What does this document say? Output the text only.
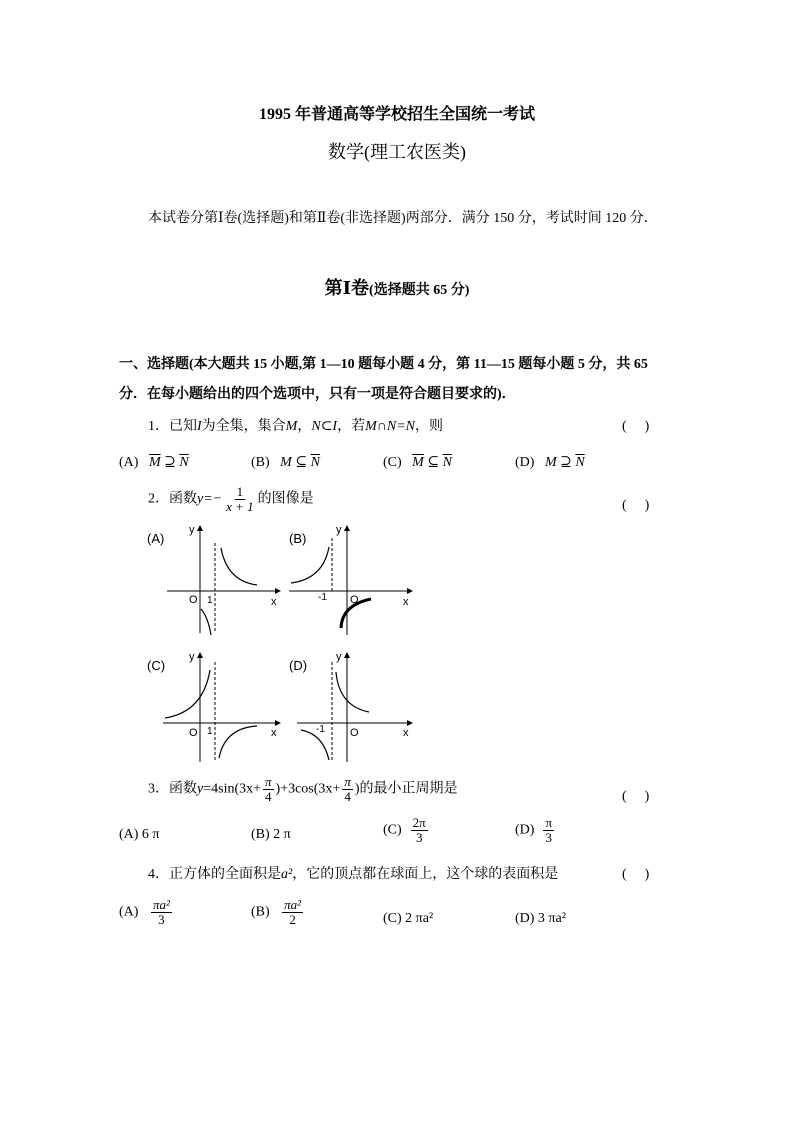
1995 年普通高等学校招生全国统一考试
数学(理工农医类)
本试卷分第Ⅰ卷(选择题)和第Ⅱ卷(非选择题)两部分．满分 150 分，考试时间 120 分．
第Ⅰ卷(选择题共 65 分)
一、选择题(本大题共 15 小题,第 1—10 题每小题 4 分，第 11—15 题每小题 5 分，共 65
分．在每小题给出的四个选项中，只有一项是符合题目要求的)．
1．已知I为全集，集合M，N⊂I，若M∩N=N，则	(　)
(A) $\overline{M}$ ⊇ $\overline{N}$	(B) M ⊆ $\overline{N}$	(C) $\overline{M}$ ⊆ $\overline{N}$	(D) M ⊇ $\overline{N}$
2．函数$y=- \frac{1}{x + 1}$ 的图像是	(　)
(A)
y
x
O 1
(B)
y
x
O
-1
(C)
y
x
O 1
(D)
y
x
O
-1
3．函数$y=4\sin(3x+ \frac{\pi}{4} )+3\cos(3x+ \frac{\pi}{4}$ )的最小正周期是
(　)
(A) 6 π	(B) 2 π	$(C) \frac{2\pi}{3}$	$(D) \frac{\pi}{3}$
4．正方体的全面积是a²，它的顶点都在球面上，这个球的表面积是	(　)
$(A) \frac{\text{πa²}}{3}$	$(B) \frac{\text{πa²}}{2}$	(C) 2 πa²	(D) 3 πa²
